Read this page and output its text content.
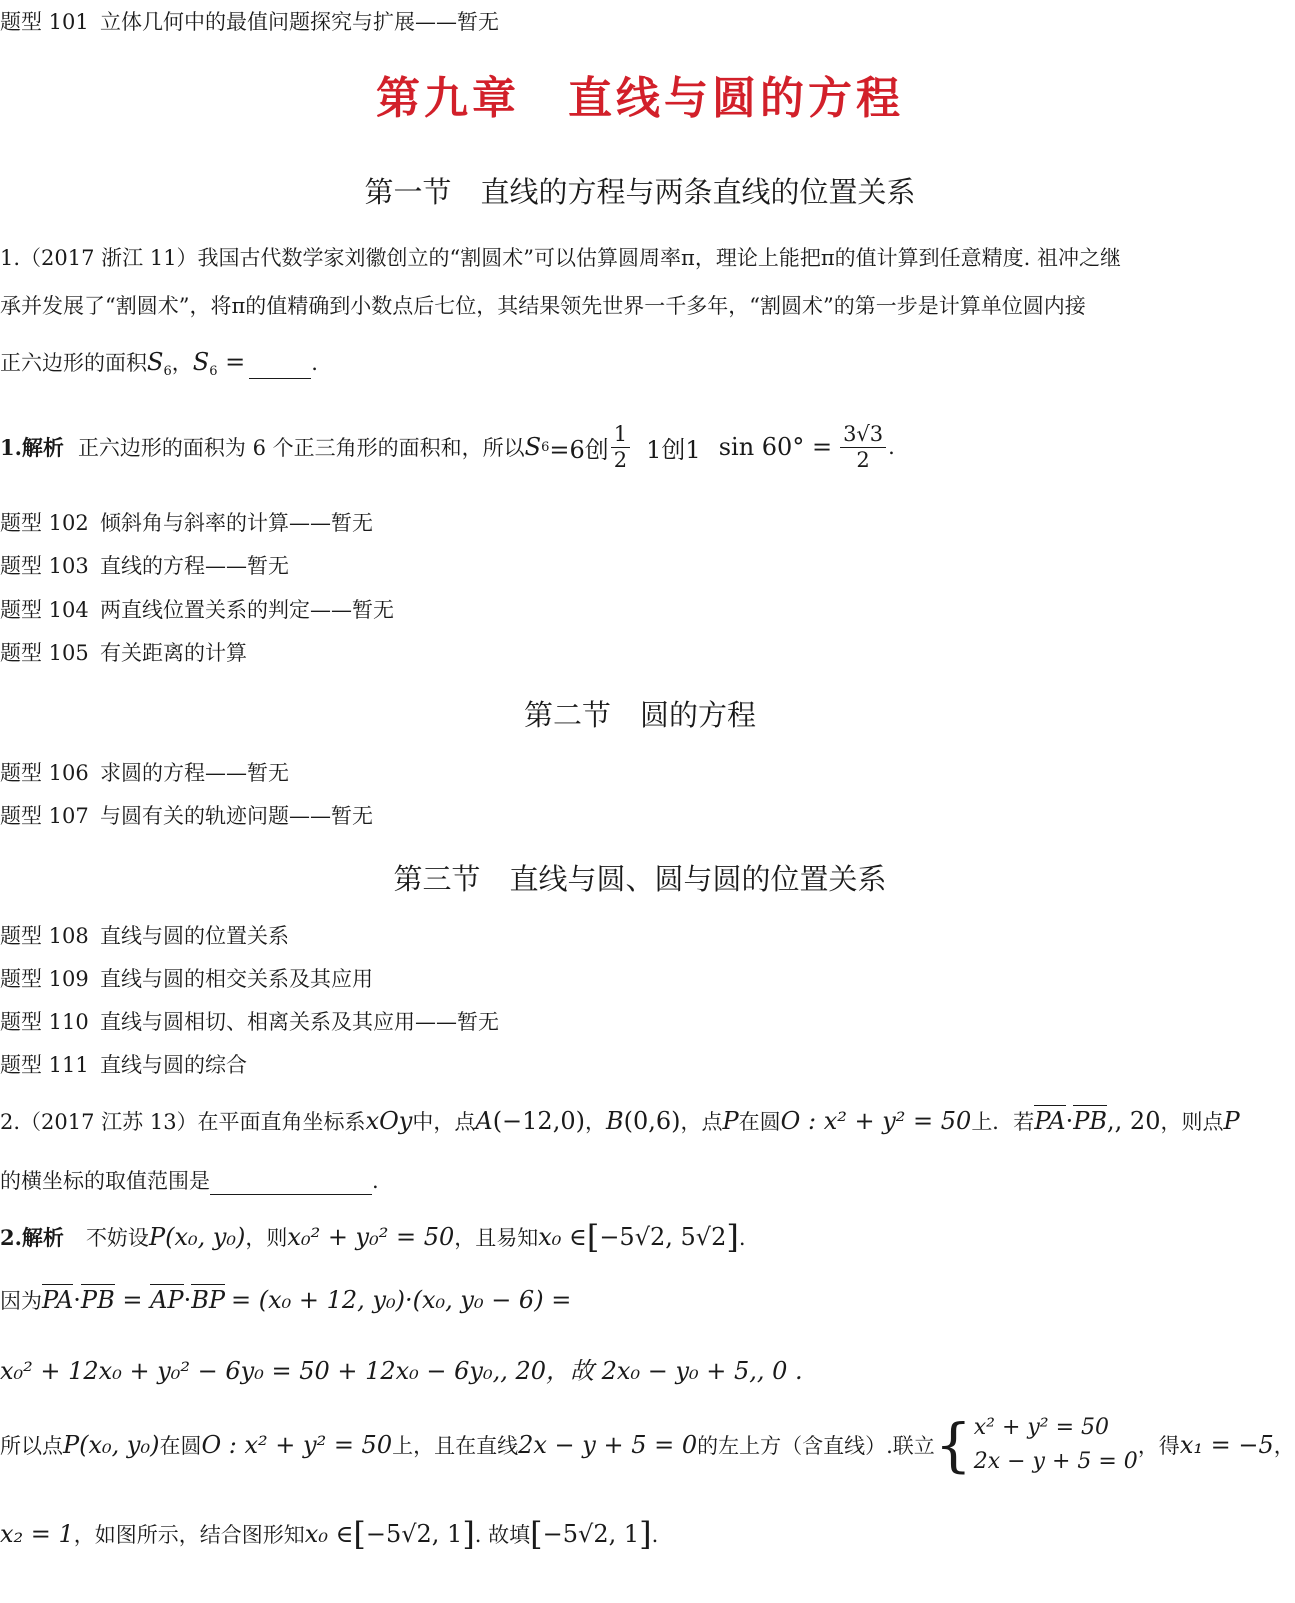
题型 101 立体几何中的最值问题探究与扩展——暂无
第九章　直线与圆的方程
第一节　直线的方程与两条直线的位置关系
1.（2017 浙江 11）我国古代数学家刘徽创立的“割圆术”可以估算圆周率π，理论上能把π的值计算到任意精度. 祖冲之继
承并发展了“割圆术”，将π的值精确到小数点后七位，其结果领先世界一千多年，“割圆术”的第一步是计算单位圆内接
正六边形的面积$S_6$，$S_6$ =	.
1.解析 正六边形的面积为 6 个正三角形的面积和，所以 S 6 =6创 $\frac{1}{2} 1$创1 $\sin 60^\circ = \frac{3√3}{2}$ .
题型 102 倾斜角与斜率的计算——暂无
题型 103 直线的方程——暂无
题型 104 两直线位置关系的判定——暂无
题型 105 有关距离的计算
第二节　圆的方程
题型 106 求圆的方程——暂无
题型 107 与圆有关的轨迹问题——暂无
第三节　直线与圆、圆与圆的位置关系
题型 108 直线与圆的位置关系
题型 109 直线与圆的相交关系及其应用
题型 110 直线与圆相切、相离关系及其应用——暂无
题型 111 直线与圆的综合
2.（2017 江苏 13）在平面直角坐标系xOy中，点A(−12,0)，B(0,6)，点P在圆O : x² + y² = 50上．若PA·PB,, 20，则点P
的横坐标的取值范围是	.
2.解析 不妨设P(x₀, y₀)，则x₀² + y₀² = 50，且易知x₀ ∈[−5√2, 5√2].
因为PA·PB = AP·BP = (x₀ + 12, y₀)·(x₀, y₀ − 6) =
x₀² + 12x₀ + y₀² − 6y₀ = 50 + 12x₀ − 6y₀,, 20，故 2x₀ − y₀ + 5,, 0 .
所以点 P(x₀, y₀) 在圆 O : x² + y² = 50 上，且在直线 2x − y + 5 = 0 的左上方（含直线）.联立 { x² + y² = 50
2x − y + 5 = 0
，得 x₁ = −5 ，
x₂ = 1，如图所示，结合图形知x₀ ∈[−5√2, 1]. 故填[−5√2, 1].
